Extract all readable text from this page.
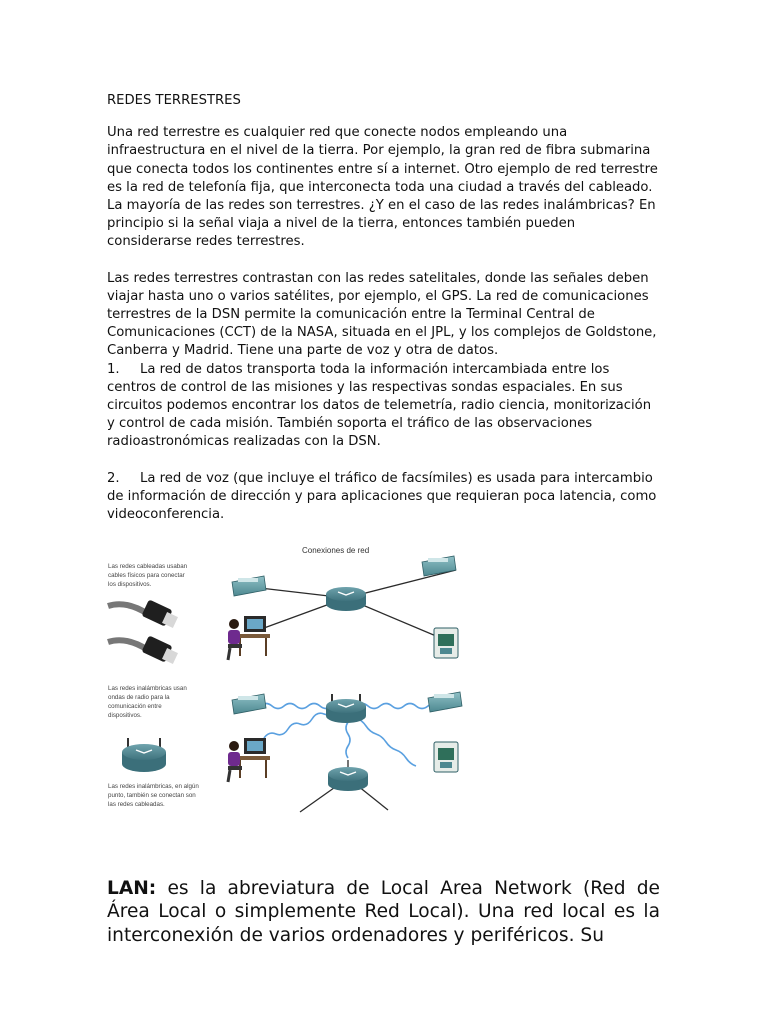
REDES TERRESTRES

Una red terrestre es cualquier red que conecte nodos empleando una
infraestructura en el nivel de la tierra. Por ejemplo, la gran red de fibra submarina
que conecta todos los continentes entre sí a internet. Otro ejemplo de red terrestre
es la red de telefonía fija, que interconecta toda una ciudad a través del cableado.
La mayoría de las redes son terrestres. ¿Y en el caso de las redes inalámbricas? En
principio si la señal viaja a nivel de la tierra, entonces también pueden
considerarse redes terrestres.
Las redes terrestres contrastan con las redes satelitales, donde las señales deben
viajar hasta uno o varios satélites, por ejemplo, el GPS. La red de comunicaciones
terrestres de la DSN permite la comunicación entre la Terminal Central de
Comunicaciones (CCT) de la NASA, situada en el JPL, y los complejos de Goldstone,
Canberra y Madrid. Tiene una parte de voz y otra de datos.
1. La red de datos transporta toda la información intercambiada entre los
centros de control de las misiones y las respectivas sondas espaciales. En sus
circuitos podemos encontrar los datos de telemetría, radio ciencia, monitorización
y control de cada misión. También soporta el tráfico de las observaciones
radioastronómicas realizadas con la DSN.
2. La red de voz (que incluye el tráfico de facsímiles) es usada para intercambio
de información de dirección y para aplicaciones que requieran poca latencia, como
videoconferencia.
Conexiones de red
Las redes cableadas usaban
cables físicos para conectar
los dispositivos.
Las redes inalámbricas usan
ondas de radio para la
comunicación entre
dispositivos.
Las redes inalámbricas, en algún
punto, también se conectan son
las redes cableadas.

LAN: es la abreviatura de Local Area Network (Red de Área Local o simplemente Red Local). Una red local es la interconexión de varios ordenadores y periféricos. Su
